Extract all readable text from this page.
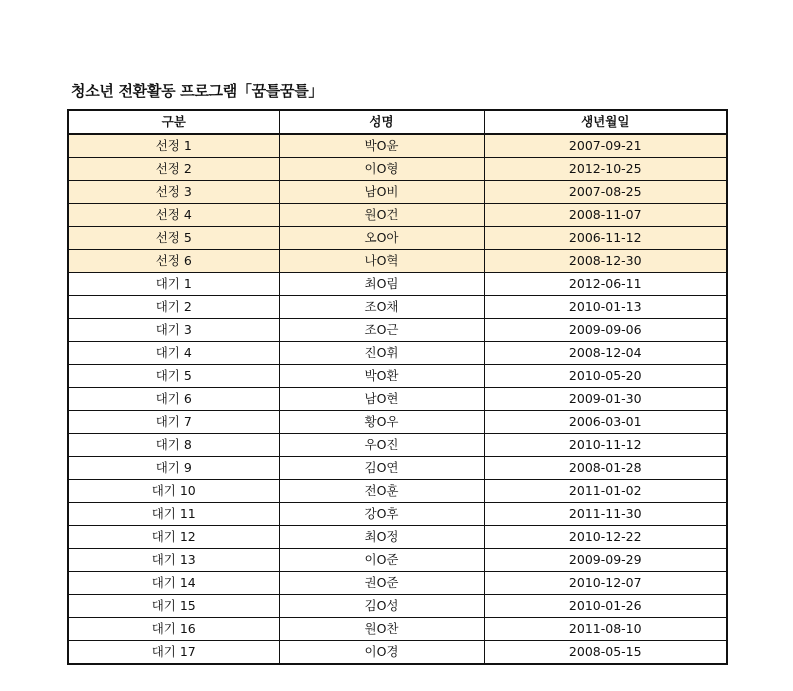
청소년 전환활동 프로그램「꿈틀꿈틀」
구분	성명	생년월일
선정 1	박O윤	2007-09-21
선정 2	이O형	2012-10-25
선정 3	남O비	2007-08-25
선정 4	원O건	2008-11-07
선정 5	오O아	2006-11-12
선정 6	나O혁	2008-12-30
대기 1	최O림	2012-06-11
대기 2	조O채	2010-01-13
대기 3	조O근	2009-09-06
대기 4	진O휘	2008-12-04
대기 5	박O환	2010-05-20
대기 6	남O현	2009-01-30
대기 7	황O우	2006-03-01
대기 8	우O진	2010-11-12
대기 9	김O연	2008-01-28
대기 10	전O훈	2011-01-02
대기 11	강O후	2011-11-30
대기 12	최O정	2010-12-22
대기 13	이O준	2009-09-29
대기 14	권O준	2010-12-07
대기 15	김O성	2010-01-26
대기 16	원O찬	2011-08-10
대기 17	이O경	2008-05-15
